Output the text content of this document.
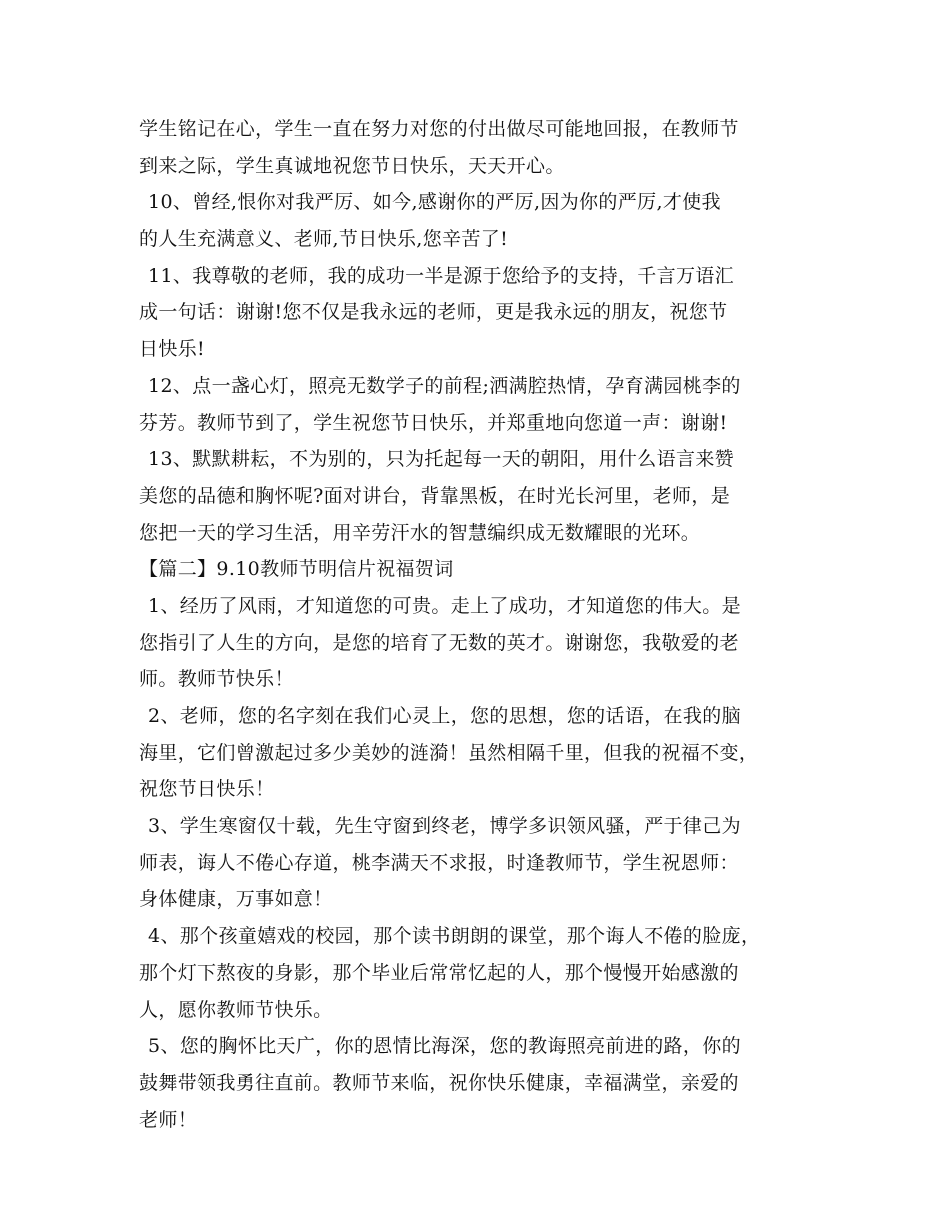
学生铭记在心，学生一直在努力对您的付出做尽可能地回报，在教师节
到来之际，学生真诚地祝您节日快乐，天天开心。
10、曾经,恨你对我严厉、如今,感谢你的严厉,因为你的严厉,才使我
的人生充满意义、老师,节日快乐,您辛苦了!
11、我尊敬的老师，我的成功一半是源于您给予的支持，千言万语汇
成一句话：谢谢!您不仅是我永远的老师，更是我永远的朋友，祝您节
日快乐!
12、点一盏心灯，照亮无数学子的前程;洒满腔热情，孕育满园桃李的
芬芳。教师节到了，学生祝您节日快乐，并郑重地向您道一声：谢谢!
13、默默耕耘，不为别的，只为托起每一天的朝阳，用什么语言来赞
美您的品德和胸怀呢?面对讲台，背靠黑板，在时光长河里，老师，是
您把一天的学习生活，用辛劳汗水的智慧编织成无数耀眼的光环。
【篇二】9.10教师节明信片祝福贺词
1、经历了风雨，才知道您的可贵。走上了成功，才知道您的伟大。是
您指引了人生的方向，是您的培育了无数的英才。谢谢您，我敬爱的老
师。教师节快乐！
2、老师，您的名字刻在我们心灵上，您的思想，您的话语，在我的脑
海里，它们曾激起过多少美妙的涟漪！虽然相隔千里，但我的祝福不变，
祝您节日快乐！
3、学生寒窗仅十载，先生守窗到终老，博学多识领风骚，严于律己为
师表，诲人不倦心存道，桃李满天不求报，时逢教师节，学生祝恩师：
身体健康，万事如意！
4、那个孩童嬉戏的校园，那个读书朗朗的课堂，那个诲人不倦的脸庞，
那个灯下熬夜的身影，那个毕业后常常忆起的人，那个慢慢开始感激的
人，愿你教师节快乐。
5、您的胸怀比天广，你的恩情比海深，您的教诲照亮前进的路，你的
鼓舞带领我勇往直前。教师节来临，祝你快乐健康，幸福满堂，亲爱的
老师！
